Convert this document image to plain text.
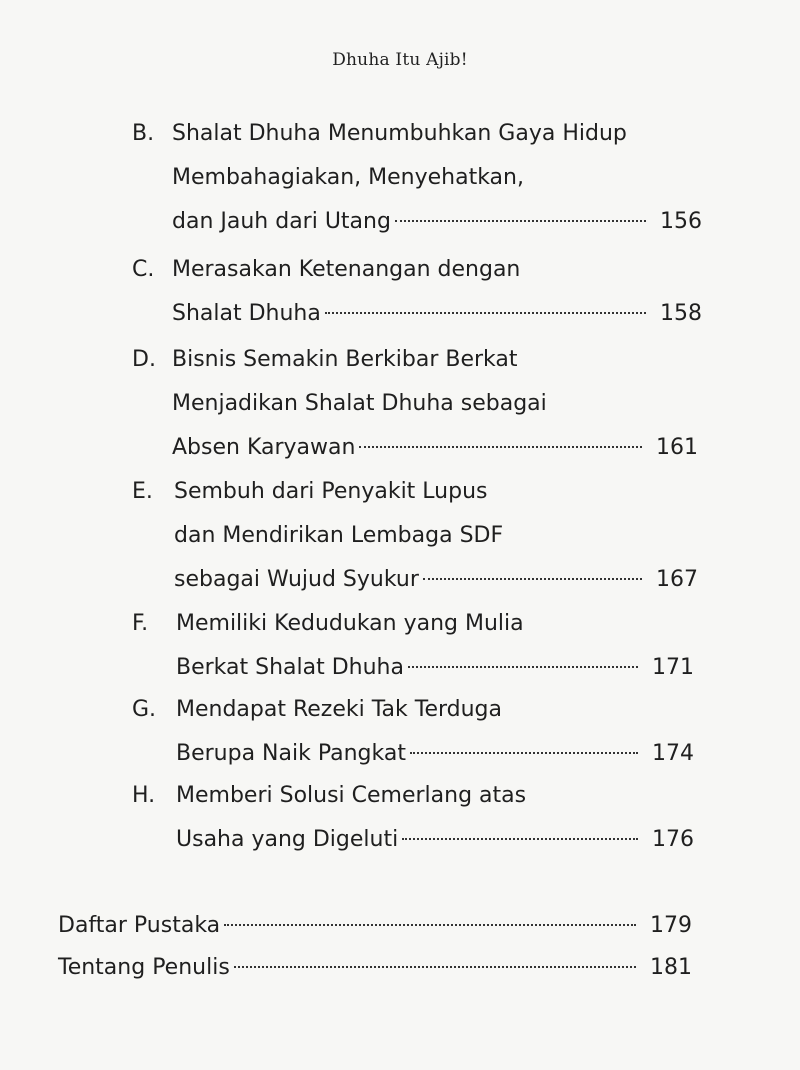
Dhuha Itu Ajib!
B. Shalat Dhuha Menumbuhkan Gaya Hidup
Membahagiakan, Menyehatkan,
dan Jauh dari Utang	156
C. Merasakan Ketenangan dengan
Shalat Dhuha	158
D. Bisnis Semakin Berkibar Berkat
Menjadikan Shalat Dhuha sebagai
Absen Karyawan	161
E. Sembuh dari Penyakit Lupus
dan Mendirikan Lembaga SDF
sebagai Wujud Syukur	167
F. Memiliki Kedudukan yang Mulia
Berkat Shalat Dhuha	171
G. Mendapat Rezeki Tak Terduga
Berupa Naik Pangkat	174
H. Memberi Solusi Cemerlang atas
Usaha yang Digeluti	176
Daftar Pustaka	179
Tentang Penulis	181
